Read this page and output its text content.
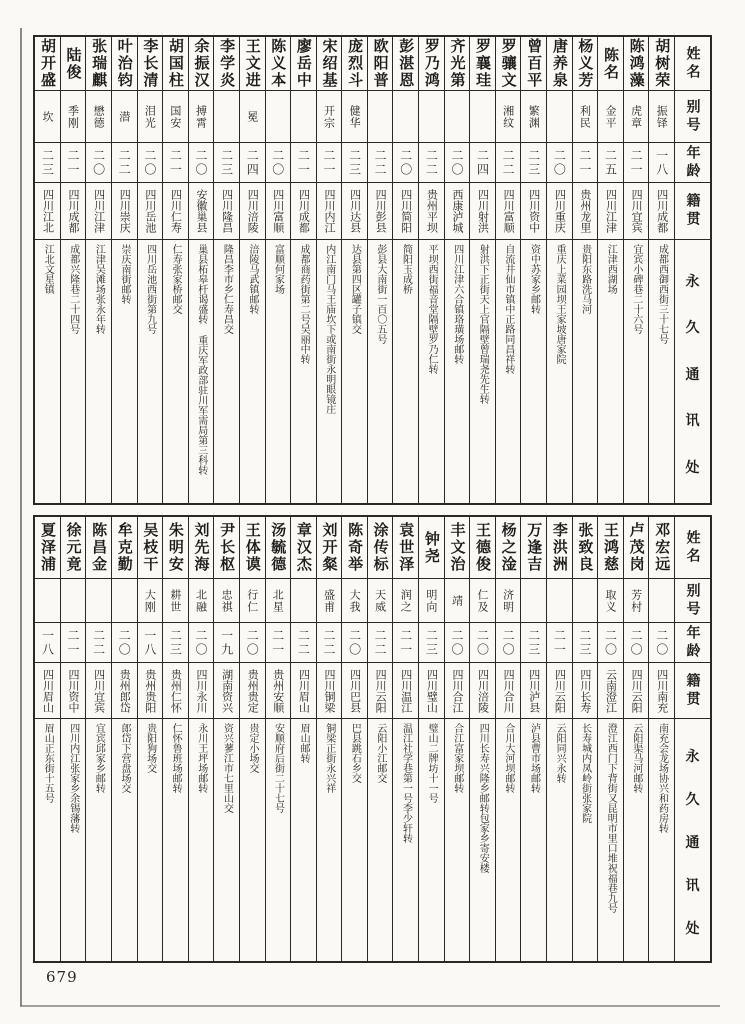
姓名
别号
年龄
籍贯
永
久
通
讯
处
胡树荣
振铎
一八
四川成都
成都西御西街三十七号
陈鸿藻
虎章
二一
四川宜宾
宜宾小碑巷二十六号
陈名
金平
二五
四川江津
江津西湖场
杨义芳
利民
二一
贵州龙里
贵阳东路洗马河
唐养泉
二〇
四川重庆
重庆上菜园坝王家坡唐家院
曾百平
繁渊
二三
四川资中
资中苏家乡邮转
罗骧文
湘纹
二二
四川富顺
自流井仙市镇中正路同昌祥转
罗襄珪
二四
四川射洪
射洪下正街天上官隔壁曾瑞尧先生转
齐光第
二〇
西康泸城
四川江津六合镇珞璜场邮转
罗乃鸿
二二
贵州平坝
平坝西街福音堂隔壁罗乃仁转
彭湛恩
二〇
四川简阳
简阳玉成桥
欧阳普
二二
四川彭县
彭县大南街一百〇五号
庞烈斗
健华
二三
四川达县
达县第四区罐子镇交
宋绍基
开宗
二一
四川内江
内江南门马王庙坎下或南街永明眼镜庄
廖岳中
二一
四川成都
成都商药街第二号吴丽中转
陈义本
二〇
四川富顺
富顺何家场
王文进
冕
二四
四川涪陵
涪陵马武镇邮转
李学炎
二三
四川隆昌
隆昌李市乡仁寿昌交
余振汉
搏霄
二〇
安徽巢县
巢县柘皋杆谒盛转 重庆军政部驻川军需局第三科转
胡国柱
国安
二一
四川仁寿
仁寿张家桥邮交
李长清
泪光
二〇
四川岳池
四川岳池西街第九号
叶治钧
潜
二二
四川崇庆
崇庆南街邮转
张瑞麒
懋德
二〇
四川江津
江津吴滩场张永年转
陆俊
季刚
二一
四川成都
成都兴隆巷二十四号
胡开盛
坎
二三
四川江北
江北文星镇
姓名
别号
年龄
籍贯
永
久
通
讯
处
邓宏远
二〇
四川南充
南充会龙场协兴和药房转
卢茂岗
芳村
二〇
四川云阳
云阳渠马河邮转
王鸿慈
取义
二〇
云南澄江
澄江西门下背街又昆明市里口堆祝福巷九号
张致良
二三
四川长寿
长寿城内凤岭街张家院
李洪洲
二一
四川云阳
云阳同兴永转
万逢吉
二三
四川泸县
泸县曹市场邮转
杨之淦
济明
二〇
四川合川
合川大河坝邮转
王德俊
仁及
二〇
四川涪陵
四川长寿兴隆乡邮转包家乡寄安楼
丰文治
靖
二〇
四川合江
合江富家坝邮转
钟尧
明向
二三
四川璧山
璧山二牌坊十一号
袁世泽
润之
二一
四川温江
温江社学巷第一号李少轩转
涂传标
天威
二二
四川云阳
云阳小江邮交
陈奇举
大我
二〇
四川巴县
巴县跳石乡交
刘开粲
盛甫
二二
四川铜梁
铜梁正街永兴祥
章汉杰
二二
四川眉山
眉山邮转
汤毓德
北星
二一
贵州安顺
安顺府后街二十七号
王体谟
行仁
二〇
贵州贵定
贵定小场交
尹长枢
忠祺
一九
湖南资兴
资兴蓼江市七里山交
刘先海
北融
二〇
四川永川
永川王坪场邮转
朱明安
耕世
二三
贵州仁怀
仁怀鲁班场邮转
吴枝干
大刚
一八
贵州贵阳
贵阳狗场交
牟克勤
二〇
贵州郎岱
郎岱下营盘场交
陈昌金
二二
四川宜宾
宜宾邱家乡邮转
徐元竟
二一
四川资中
四川内江张家乡余锡藩转
夏泽浦
一八
四川眉山
眉山正东街十五号
679
